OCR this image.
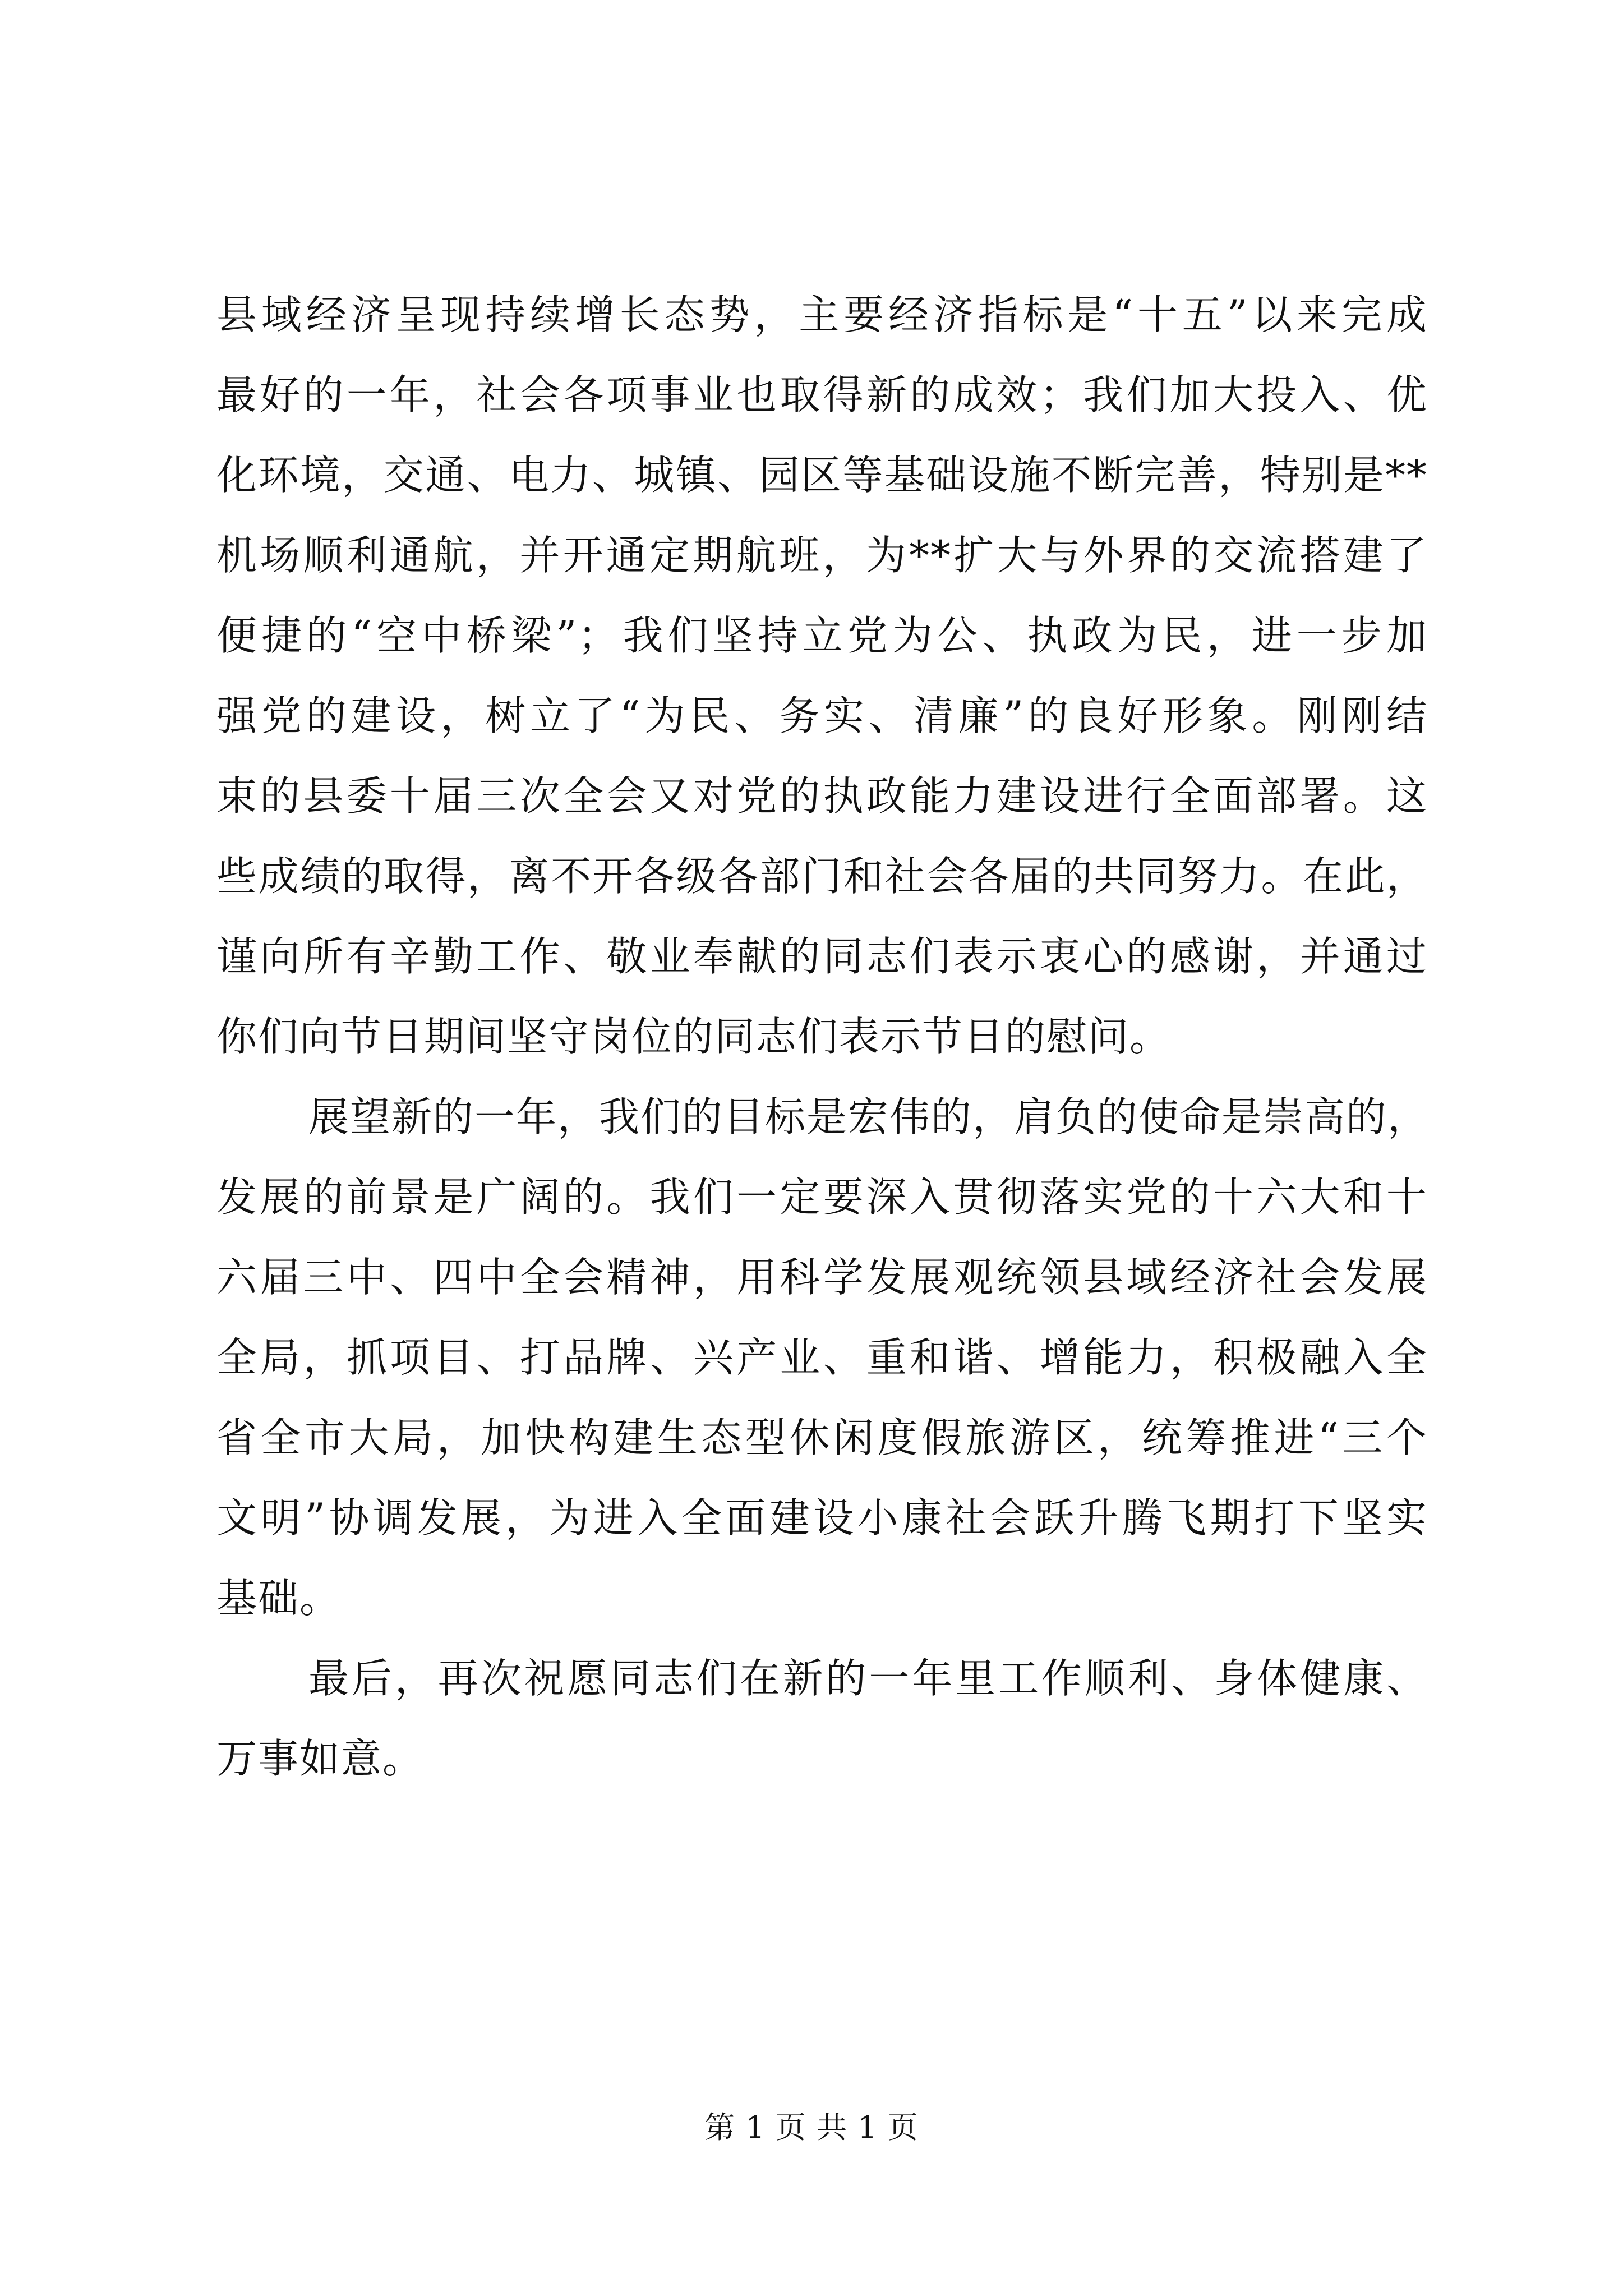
县域经济呈现持续增长态势，主要经济指标是“十五”以来完成
最好的一年，社会各项事业也取得新的成效；我们加大投入、优
化环境，交通、电力、城镇、园区等基础设施不断完善，特别是**
机场顺利通航，并开通定期航班，为**扩大与外界的交流搭建了
便捷的“空中桥梁”；我们坚持立党为公、执政为民，进一步加
强党的建设，树立了“为民、务实、清廉”的良好形象。刚刚结
束的县委十届三次全会又对党的执政能力建设进行全面部署。这
些成绩的取得，离不开各级各部门和社会各届的共同努力。在此，
谨向所有辛勤工作、敬业奉献的同志们表示衷心的感谢，并通过
你们向节日期间坚守岗位的同志们表示节日的慰问。
展望新的一年，我们的目标是宏伟的，肩负的使命是崇高的，
发展的前景是广阔的。我们一定要深入贯彻落实党的十六大和十
六届三中、四中全会精神，用科学发展观统领县域经济社会发展
全局，抓项目、打品牌、兴产业、重和谐、增能力，积极融入全
省全市大局，加快构建生态型休闲度假旅游区，统筹推进“三个
文明”协调发展，为进入全面建设小康社会跃升腾飞期打下坚实
基础。
最后，再次祝愿同志们在新的一年里工作顺利、身体健康、
万事如意。
第 1 页 共 1 页
